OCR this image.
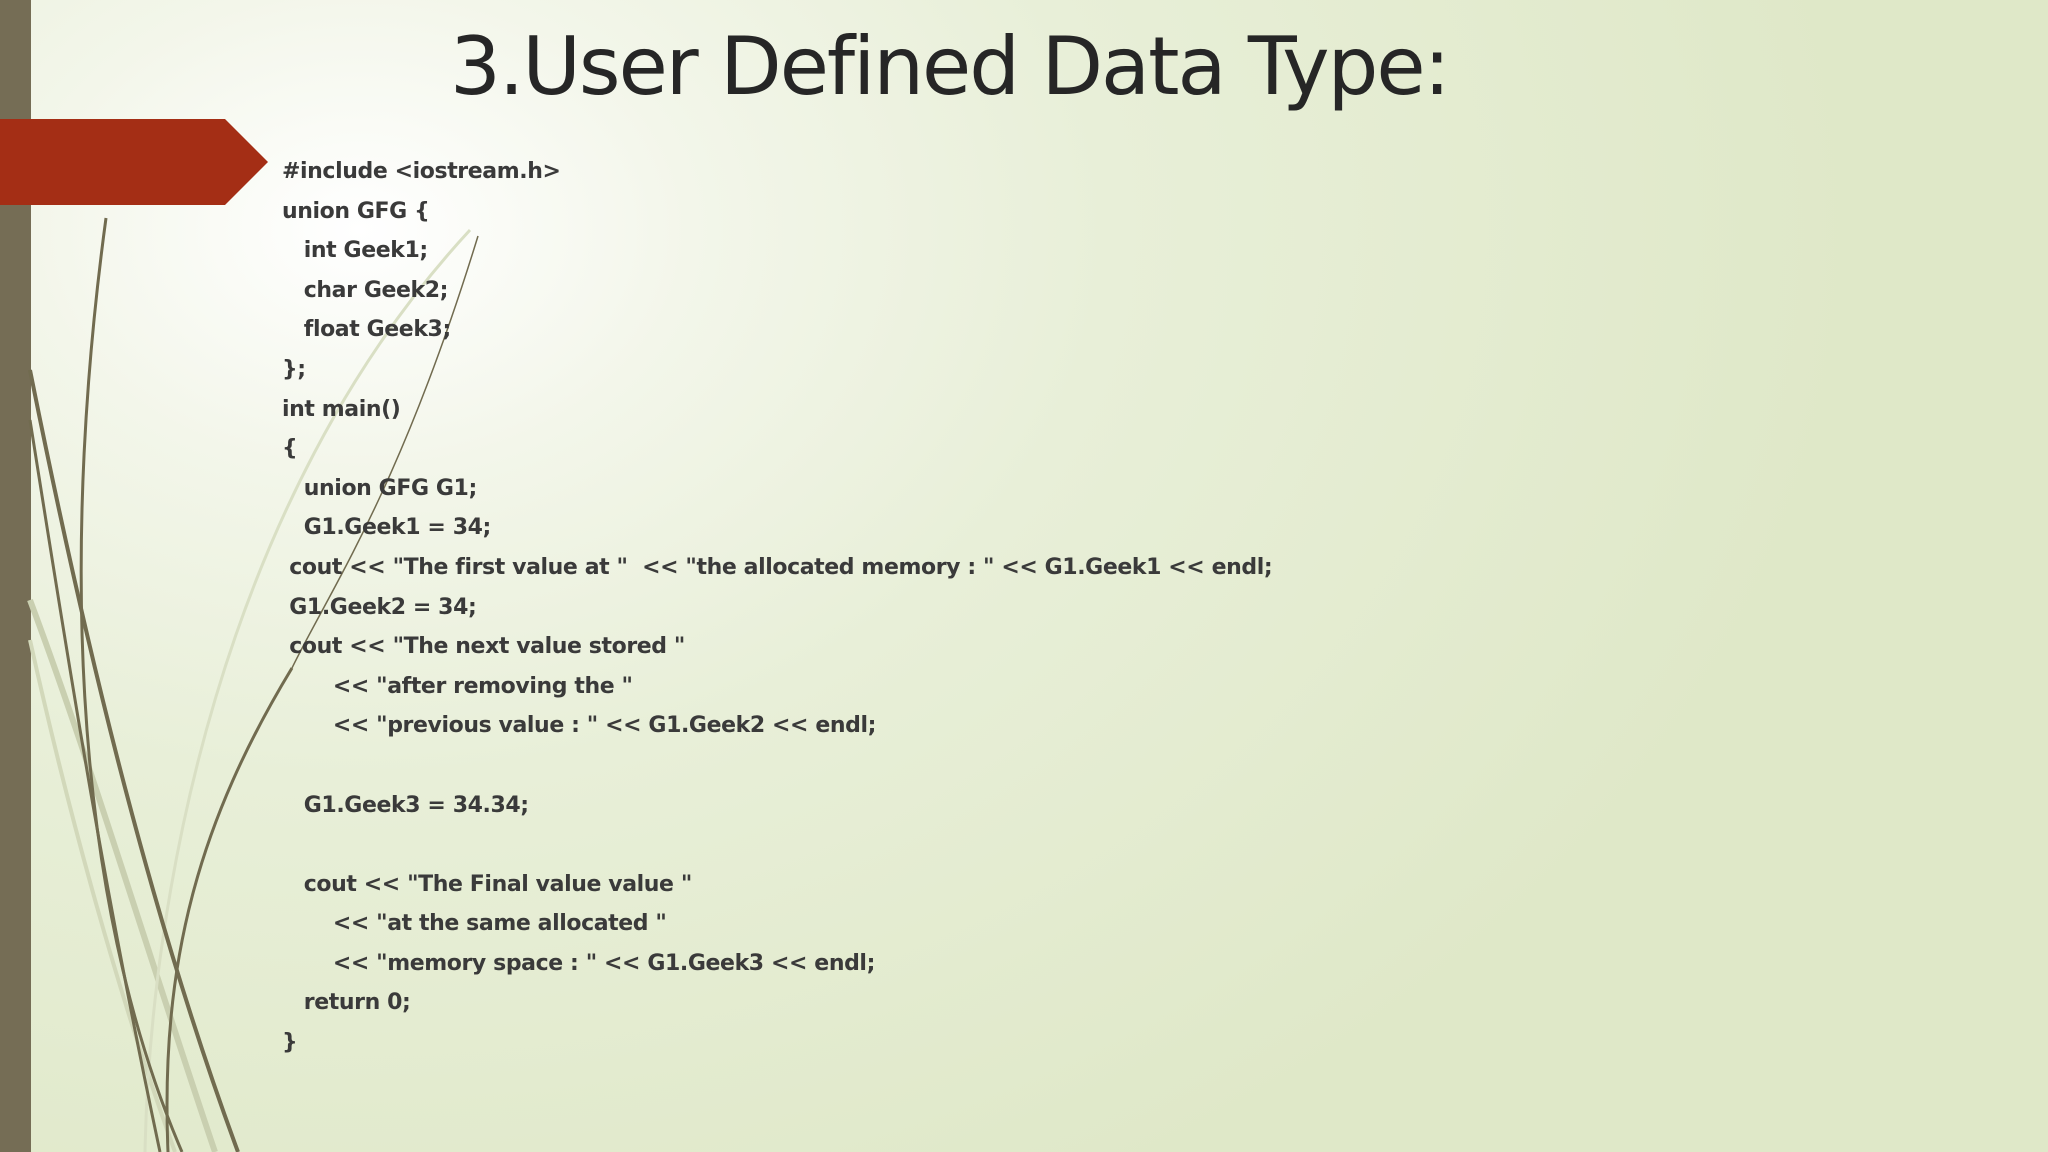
3.User Defined Data Type:
#include <iostream.h>
union GFG {
int Geek1;
char Geek2;
float Geek3;
};
int main()
{
union GFG G1;
G1.Geek1 = 34;
cout << "The first value at "  << "the allocated memory : " << G1.Geek1 << endl;
G1.Geek2 = 34;
cout << "The next value stored "
<< "after removing the "
<< "previous value : " << G1.Geek2 << endl;
G1.Geek3 = 34.34;
cout << "The Final value value "
<< "at the same allocated "
<< "memory space : " << G1.Geek3 << endl;
return 0;
}
